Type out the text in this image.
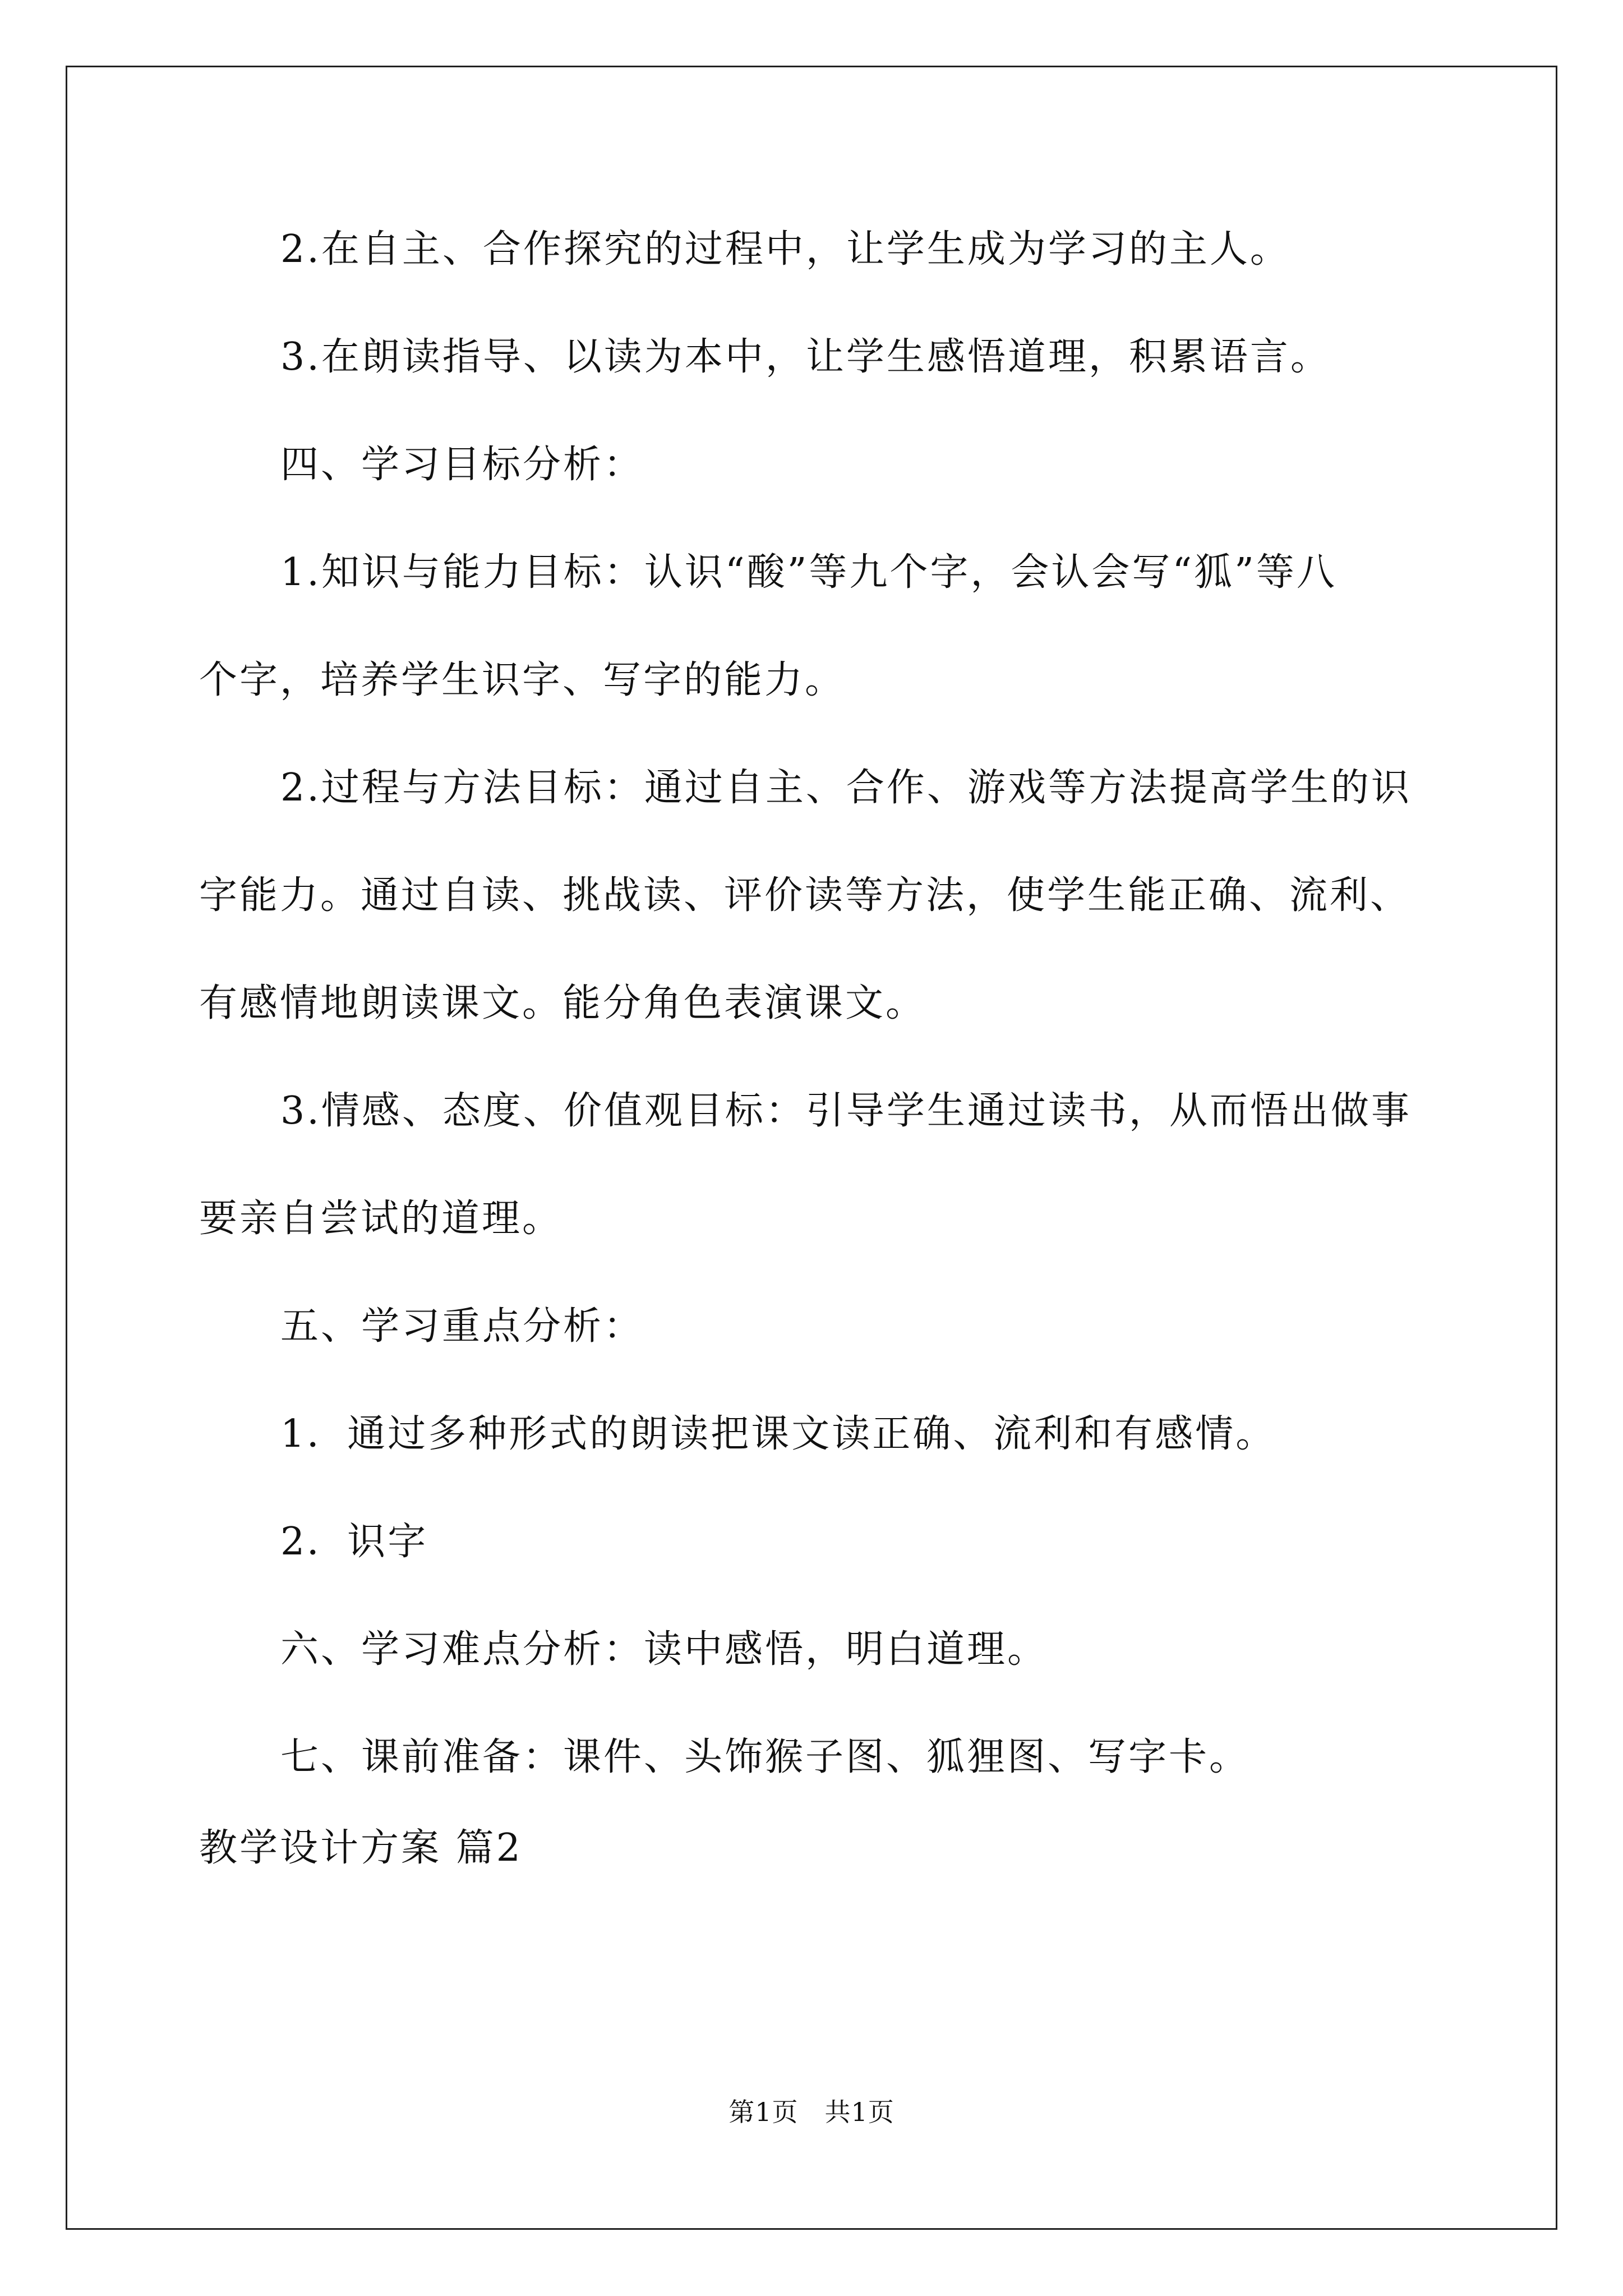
2.在自主、合作探究的过程中，让学生成为学习的主人。

3.在朗读指导、以读为本中，让学生感悟道理，积累语言。

四、学习目标分析：

1.知识与能力目标：认识“酸”等九个字，会认会写“狐”等八

个字，培养学生识字、写字的能力。

2.过程与方法目标：通过自主、合作、游戏等方法提高学生的识

字能力。通过自读、挑战读、评价读等方法，使学生能正确、流利、

有感情地朗读课文。能分角色表演课文。

3.情感、态度、价值观目标：引导学生通过读书，从而悟出做事

要亲自尝试的道理。

五、学习重点分析：

1．通过多种形式的朗读把课文读正确、流利和有感情。

2．识字

六、学习难点分析：读中感悟，明白道理。

七、课前准备：课件、头饰猴子图、狐狸图、写字卡。

教学设计方案 篇2

第1页　共1页
